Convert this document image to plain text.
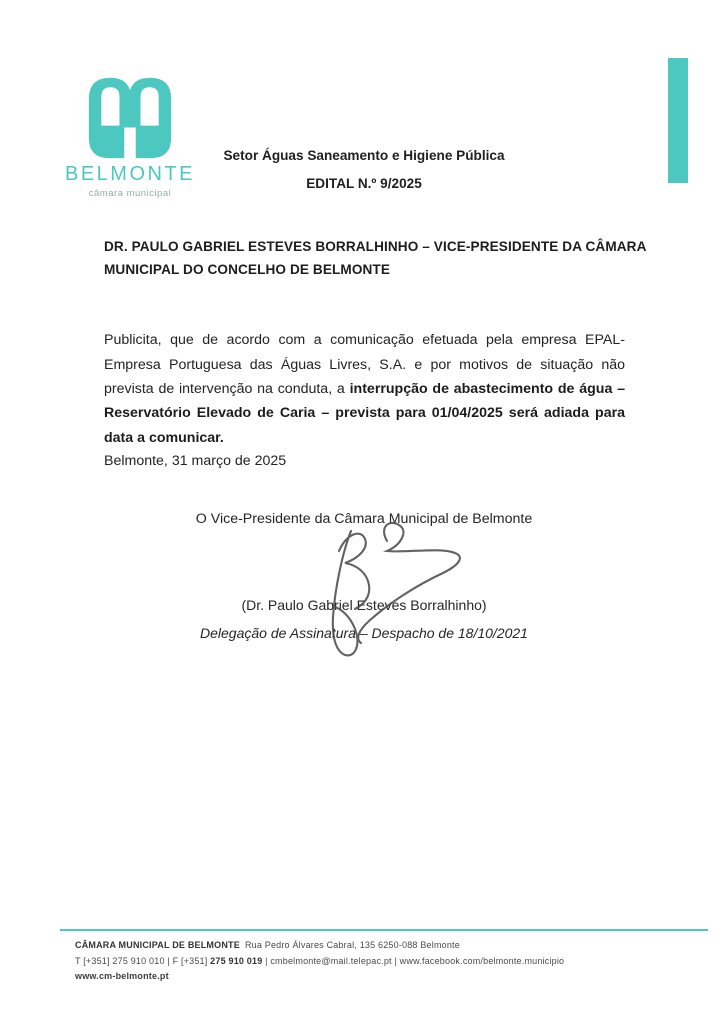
BELMONTE
câmara municipal
Setor Águas Saneamento e Higiene Pública
EDITAL N.º 9/2025
DR. PAULO GABRIEL ESTEVES BORRALHINHO – VICE-PRESIDENTE DA CÂMARA
MUNICIPAL DO CONCELHO DE BELMONTE

Publicita, que de acordo com a comunicação efetuada pela empresa EPAL-Empresa Portuguesa das Águas Livres, S.A. e por motivos de situação não prevista de intervenção na conduta, a interrupção de abastecimento de água – Reservatório Elevado de Caria – prevista para 01/04/2025 será adiada para data a comunicar.

Belmonte, 31 março de 2025
O Vice-Presidente da Câmara Municipal de Belmonte
(Dr. Paulo Gabriel Esteves Borralhinho)
Delegação de Assinatura – Despacho de 18/10/2021
CÂMARA MUNICIPAL DE BELMONTE Rua Pedro Álvares Cabral, 135 6250-088 Belmonte
T [+351] 275 910 010 | F [+351] 275 910 019 | cmbelmonte@mail.telepac.pt | www.facebook.com/belmonte.municipio
www.cm-belmonte.pt
